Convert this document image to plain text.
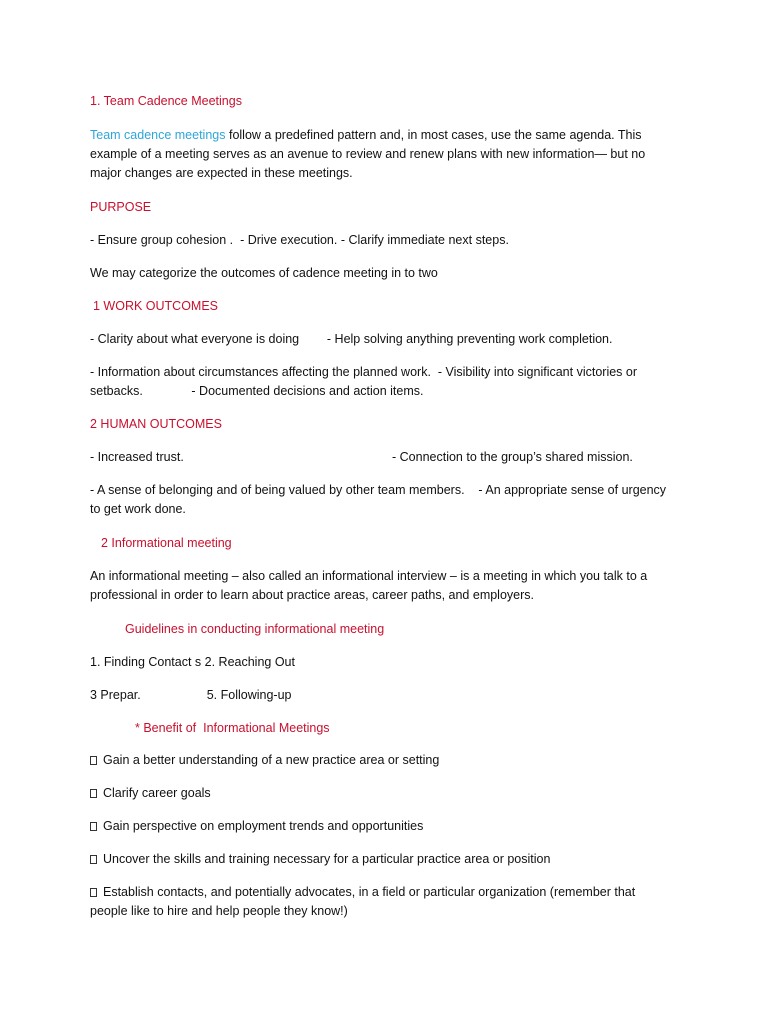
1. Team Cadence Meetings
Team cadence meetings follow a predefined pattern and, in most cases, use the same agenda. This
example of a meeting serves as an avenue to review and renew plans with new information— but no
major changes are expected in these meetings.
PURPOSE
- Ensure group cohesion .  - Drive execution. - Clarify immediate next steps.
We may categorize the outcomes of cadence meeting in to two
1 WORK OUTCOMES
- Clarity about what everyone is doing        - Help solving anything preventing work completion.
- Information about circumstances affecting the planned work.  - Visibility into significant victories or
setbacks.              - Documented decisions and action items.
2 HUMAN OUTCOMES
- Increased trust.	- Connection to the group’s shared mission.
- A sense of belonging and of being valued by other team members.    - An appropriate sense of urgency
to get work done.
2 Informational meeting
An informational meeting – also called an informational interview – is a meeting in which you talk to a
professional in order to learn about practice areas, career paths, and employers.
Guidelines in conducting informational meeting
1. Finding Contact s 2. Reaching Out
3 Prepar.                   5. Following-up
* Benefit of  Informational Meetings
Gain a better understanding of a new practice area or setting
Clarify career goals
Gain perspective on employment trends and opportunities
Uncover the skills and training necessary for a particular practice area or position
Establish contacts, and potentially advocates, in a field or particular organization (remember that
people like to hire and help people they know!)
